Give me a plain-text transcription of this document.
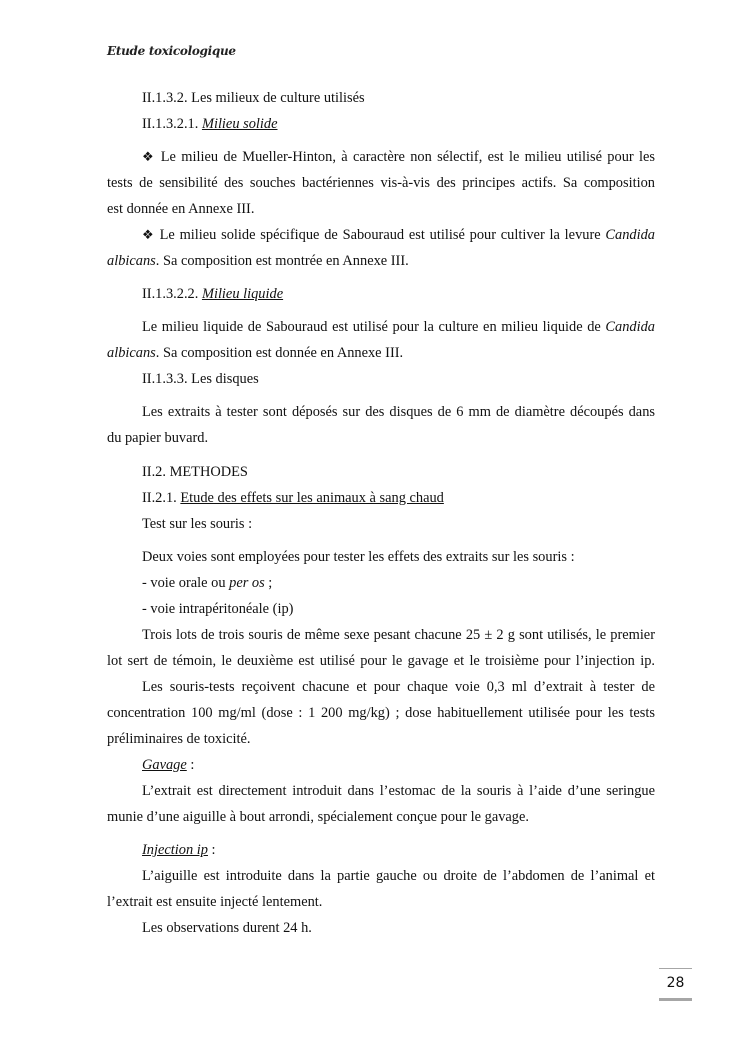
Etude toxicologique
II.1.3.2. Les milieux de culture utilisés
II.1.3.2.1. Milieu solide
❖ Le milieu de Mueller-Hinton, à caractère non sélectif, est le milieu utilisé pour les
tests de sensibilité des souches bactériennes vis-à-vis des principes actifs. Sa composition
est donnée en Annexe III.
❖ Le milieu solide spécifique de Sabouraud est utilisé pour cultiver la levure Candida
albicans. Sa composition est montrée en Annexe III.
II.1.3.2.2. Milieu liquide
Le milieu liquide de Sabouraud est utilisé pour la culture en milieu liquide de Candida
albicans. Sa composition est donnée en Annexe III.
II.1.3.3. Les disques
Les extraits à tester sont déposés sur des disques de 6 mm de diamètre découpés dans
du papier buvard.
II.2. METHODES
II.2.1. Etude des effets sur les animaux à sang chaud
Test sur les souris :
Deux voies sont employées pour tester les effets des extraits sur les souris :
- voie orale ou per os ;
- voie intrapéritonéale (ip)
Trois lots de trois souris de même sexe pesant chacune 25 ± 2 g sont utilisés, le premier
lot sert de témoin, le deuxième est utilisé pour le gavage et le troisième pour l’injection ip.
Les souris-tests reçoivent chacune et pour chaque voie 0,3 ml d’extrait à tester de
concentration 100 mg/ml (dose : 1 200 mg/kg) ; dose habituellement utilisée pour les tests
préliminaires de toxicité.
Gavage :
L’extrait est directement introduit dans l’estomac de la souris à l’aide d’une seringue
munie d’une aiguille à bout arrondi, spécialement conçue pour le gavage.
Injection ip :
L’aiguille est introduite dans la partie gauche ou droite de l’abdomen de l’animal et
l’extrait est ensuite injecté lentement.
Les observations durent 24 h.
28
